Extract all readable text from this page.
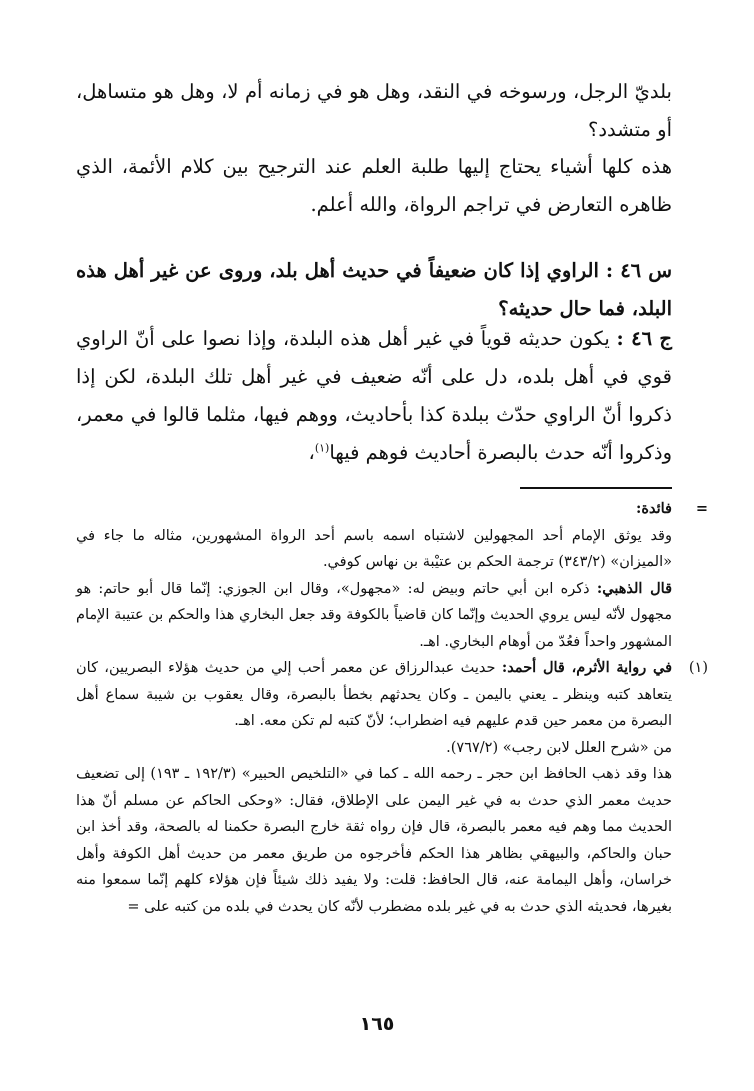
بلديّ الرجل، ورسوخه في النقد، وهل هو في زمانه أم لا، وهل هو متساهل، أو متشدد؟

هذه كلها أشياء يحتاج إليها طلبة العلم عند الترجيح بين كلام الأئمة، الذي ظاهره التعارض في تراجم الرواة، والله أعلم.

س ٤٦ : الراوي إذا كان ضعيفاً في حديث أهل بلد، وروى عن غير أهل هذه البلد، فما حال حديثه؟

ج ٤٦ : يكون حديثه قوياً في غير أهل هذه البلدة، وإذا نصوا على أنّ الراوي قوي في أهل بلده، دل على أنّه ضعيف في غير أهل تلك البلدة، لكن إذا ذكروا أنّ الراوي حدّث ببلدة كذا بأحاديث، ووهم فيها، مثلما قالوا في معمر، وذكروا أنّه حدث بالبصرة أحاديث فوهم فيها$^{(١)}$،

=
فائدة:

وقد يوثق الإمام أحد المجهولين لاشتباه اسمه باسم أحد الرواة المشهورين، مثاله ما جاء في «الميزان» (٣٤٣/٢) ترجمة الحكم بن عتيْبة بن نهاس كوفي.

قال الذهبي: ذكره ابن أبي حاتم وبيض له: «مجهول»، وقال ابن الجوزي: إنّما قال أبو حاتم: هو مجهول لأنّه ليس يروي الحديث وإنّما كان قاضياً بالكوفة وقد جعل البخاري هذا والحكم بن عتيبة الإمام المشهور واحداً فعُدّ من أوهام البخاري. اهـ.

(١)
في رواية الأثرم، قال أحمد: حديث عبدالرزاق عن معمر أحب إلي من حديث هؤلاء البصريين، كان يتعاهد كتبه وينظر ـ يعني باليمن ـ وكان يحدثهم بخطأ بالبصرة، وقال يعقوب بن شيبة سماع أهل البصرة من معمر حين قدم عليهم فيه اضطراب؛ لأنّ كتبه لم تكن معه. اهـ.

من «شرح العلل لابن رجب» (٧٦٧/٢).

هذا وقد ذهب الحافظ ابن حجر ـ رحمه الله ـ كما في «التلخيص الحبير» (١٩٢/٣ ـ ١٩٣) إلى تضعيف حديث معمر الذي حدث به في غير اليمن على الإطلاق، فقال: «وحكى الحاكم عن مسلم أنّ هذا الحديث مما وهم فيه معمر بالبصرة، قال فإن رواه ثقة خارج البصرة حكمنا له بالصحة، وقد أخذ ابن حبان والحاكم، والبيهقي بظاهر هذا الحكم فأخرجوه من طريق معمر من حديث أهل الكوفة وأهل خراسان، وأهل اليمامة عنه، قال الحافظ: قلت: ولا يفيد ذلك شيئاً فإن هؤلاء كلهم إنّما سمعوا منه بغيرها، فحديثه الذي حدث به في غير بلده مضطرب لأنّه كان يحدث في بلده من كتبه على =

١٦٥
